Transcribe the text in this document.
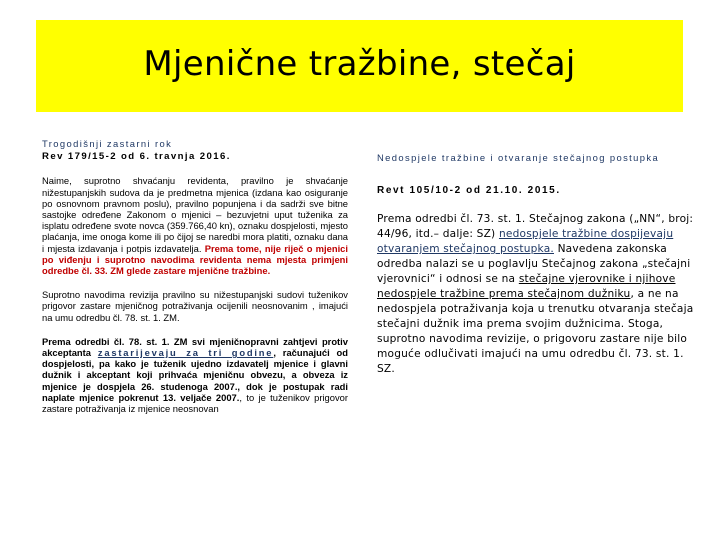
Mjenične tražbine, stečaj
Trogodišnji zastarni rok
Rev 179/15-2 od 6. travnja 2016.
Naime, suprotno shvaćanju revidenta, pravilno je shvaćanje nižestupanjskih sudova da je predmetna mjenica (izdana kao osiguranje po osnovnom pravnom poslu), pravilno popunjena i da sadrži sve bitne sastojke određene Zakonom o mjenici – bezuvjetni uput tuženika za isplatu određene svote novca (359.766,40 kn), oznaku dospjelosti, mjesto plaćanja, ime onoga kome ili po čijoj se naredbi mora platiti, oznaku dana i mjesta izdavanja i potpis izdavatelja. Prema tome, nije riječ o mjenici po viđenju i suprotno navodima revidenta nema mjesta primjeni odredbe čl. 33. ZM glede zastare mjenične tražbine.
Suprotno navodima revizija pravilno su nižestupanjski sudovi tuženikov prigovor zastare mjeničnog potraživanja ocijenili neosnovanim , imajući na umu odredbu čl. 78. st. 1. ZM.
Prema odredbi čl. 78. st. 1. ZM svi mjeničnopravni zahtjevi protiv akceptanta zastarijevaju za tri godine, računajući od dospjelosti, pa kako je tuženik ujedno izdavatelj mjenice i glavni dužnik i akceptant koji prihvaća mjeničnu obvezu, a obveza iz mjenice je dospjela 26. studenoga 2007., dok je postupak radi naplate mjenice pokrenut 13. veljače 2007., to je tuženikov prigovor zastare potraživanja iz mjenice neosnovan
Nedospjele tražbine i otvaranje stečajnog postupka
Revt 105/10-2 od 21.10. 2015.
Prema odredbi čl. 73. st. 1. Stečajnog zakona („NN“, broj: 44/96, itd.– dalje: SZ) nedospjele tražbine dospijevaju otvaranjem stečajnog postupka. Navedena zakonska odredba nalazi se u poglavlju Stečajnog zakona „stečajni vjerovnici“ i odnosi se na stečajne vjerovnike i njihove nedospjele tražbine prema stečajnom dužniku, a ne na nedospjela potraživanja koja u trenutku otvaranja stečaja stečajni dužnik ima prema svojim dužnicima. Stoga, suprotno navodima revizije, o prigovoru zastare nije bilo moguće odlučivati imajući na umu odredbu čl. 73. st. 1. SZ.
